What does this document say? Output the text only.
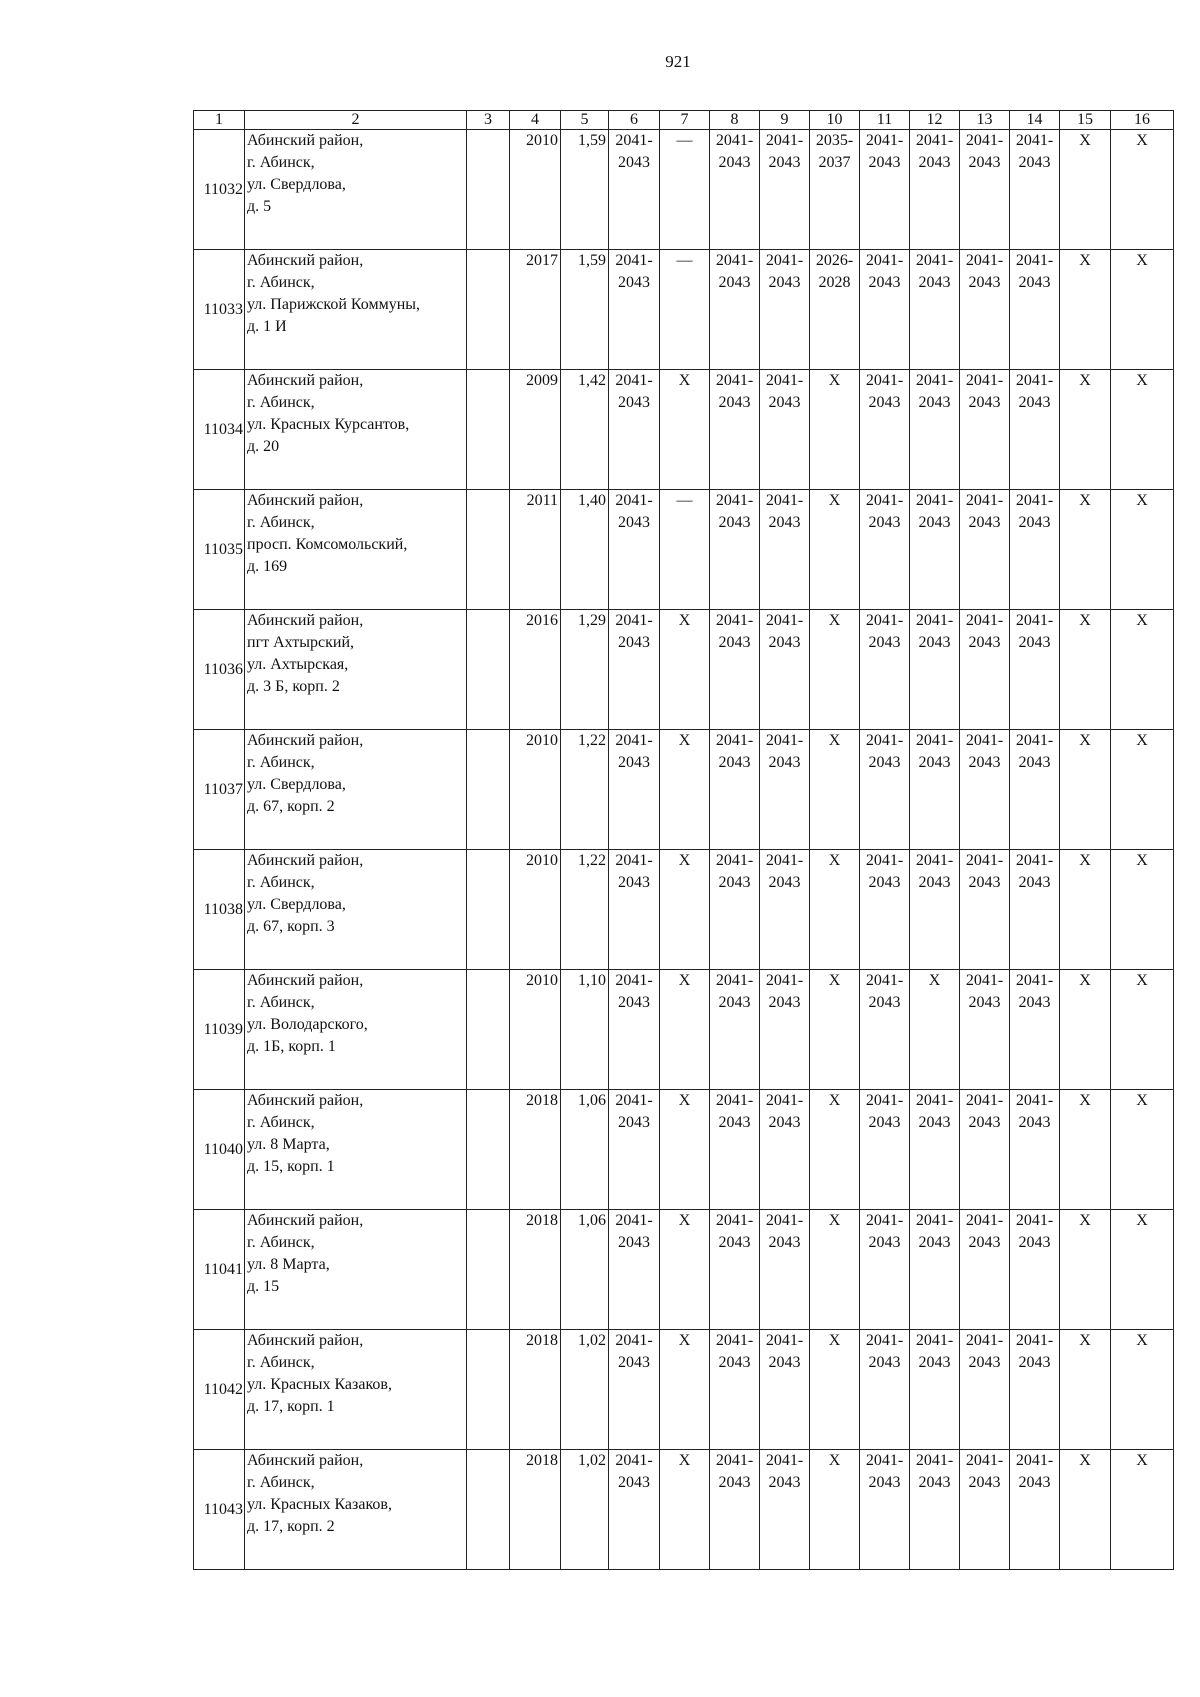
921
1	2	3	4	5	6	7	8	9	10	11	12	13	14	15	16
11032	Абинский район,
г. Абинск,
ул. Свердлова,
д. 5		2010	1,59	2041-
2043	—	2041-
2043	2041-
2043	2035-
2037	2041-
2043	2041-
2043	2041-
2043	2041-
2043	X	X
11033	Абинский район,
г. Абинск,
ул. Парижской Коммуны,
д. 1 И		2017	1,59	2041-
2043	—	2041-
2043	2041-
2043	2026-
2028	2041-
2043	2041-
2043	2041-
2043	2041-
2043	X	X
11034	Абинский район,
г. Абинск,
ул. Красных Курсантов,
д. 20		2009	1,42	2041-
2043	X	2041-
2043	2041-
2043	X	2041-
2043	2041-
2043	2041-
2043	2041-
2043	X	X
11035	Абинский район,
г. Абинск,
просп. Комсомольский,
д. 169		2011	1,40	2041-
2043	—	2041-
2043	2041-
2043	X	2041-
2043	2041-
2043	2041-
2043	2041-
2043	X	X
11036	Абинский район,
пгт Ахтырский,
ул. Ахтырская,
д. 3 Б, корп. 2		2016	1,29	2041-
2043	X	2041-
2043	2041-
2043	X	2041-
2043	2041-
2043	2041-
2043	2041-
2043	X	X
11037	Абинский район,
г. Абинск,
ул. Свердлова,
д. 67, корп. 2		2010	1,22	2041-
2043	X	2041-
2043	2041-
2043	X	2041-
2043	2041-
2043	2041-
2043	2041-
2043	X	X
11038	Абинский район,
г. Абинск,
ул. Свердлова,
д. 67, корп. 3		2010	1,22	2041-
2043	X	2041-
2043	2041-
2043	X	2041-
2043	2041-
2043	2041-
2043	2041-
2043	X	X
11039	Абинский район,
г. Абинск,
ул. Володарского,
д. 1Б, корп. 1		2010	1,10	2041-
2043	X	2041-
2043	2041-
2043	X	2041-
2043	X	2041-
2043	2041-
2043	X	X
11040	Абинский район,
г. Абинск,
ул. 8 Марта,
д. 15, корп. 1		2018	1,06	2041-
2043	X	2041-
2043	2041-
2043	X	2041-
2043	2041-
2043	2041-
2043	2041-
2043	X	X
11041	Абинский район,
г. Абинск,
ул. 8 Марта,
д. 15		2018	1,06	2041-
2043	X	2041-
2043	2041-
2043	X	2041-
2043	2041-
2043	2041-
2043	2041-
2043	X	X
11042	Абинский район,
г. Абинск,
ул. Красных Казаков,
д. 17, корп. 1		2018	1,02	2041-
2043	X	2041-
2043	2041-
2043	X	2041-
2043	2041-
2043	2041-
2043	2041-
2043	X	X
11043	Абинский район,
г. Абинск,
ул. Красных Казаков,
д. 17, корп. 2		2018	1,02	2041-
2043	X	2041-
2043	2041-
2043	X	2041-
2043	2041-
2043	2041-
2043	2041-
2043	X	X
